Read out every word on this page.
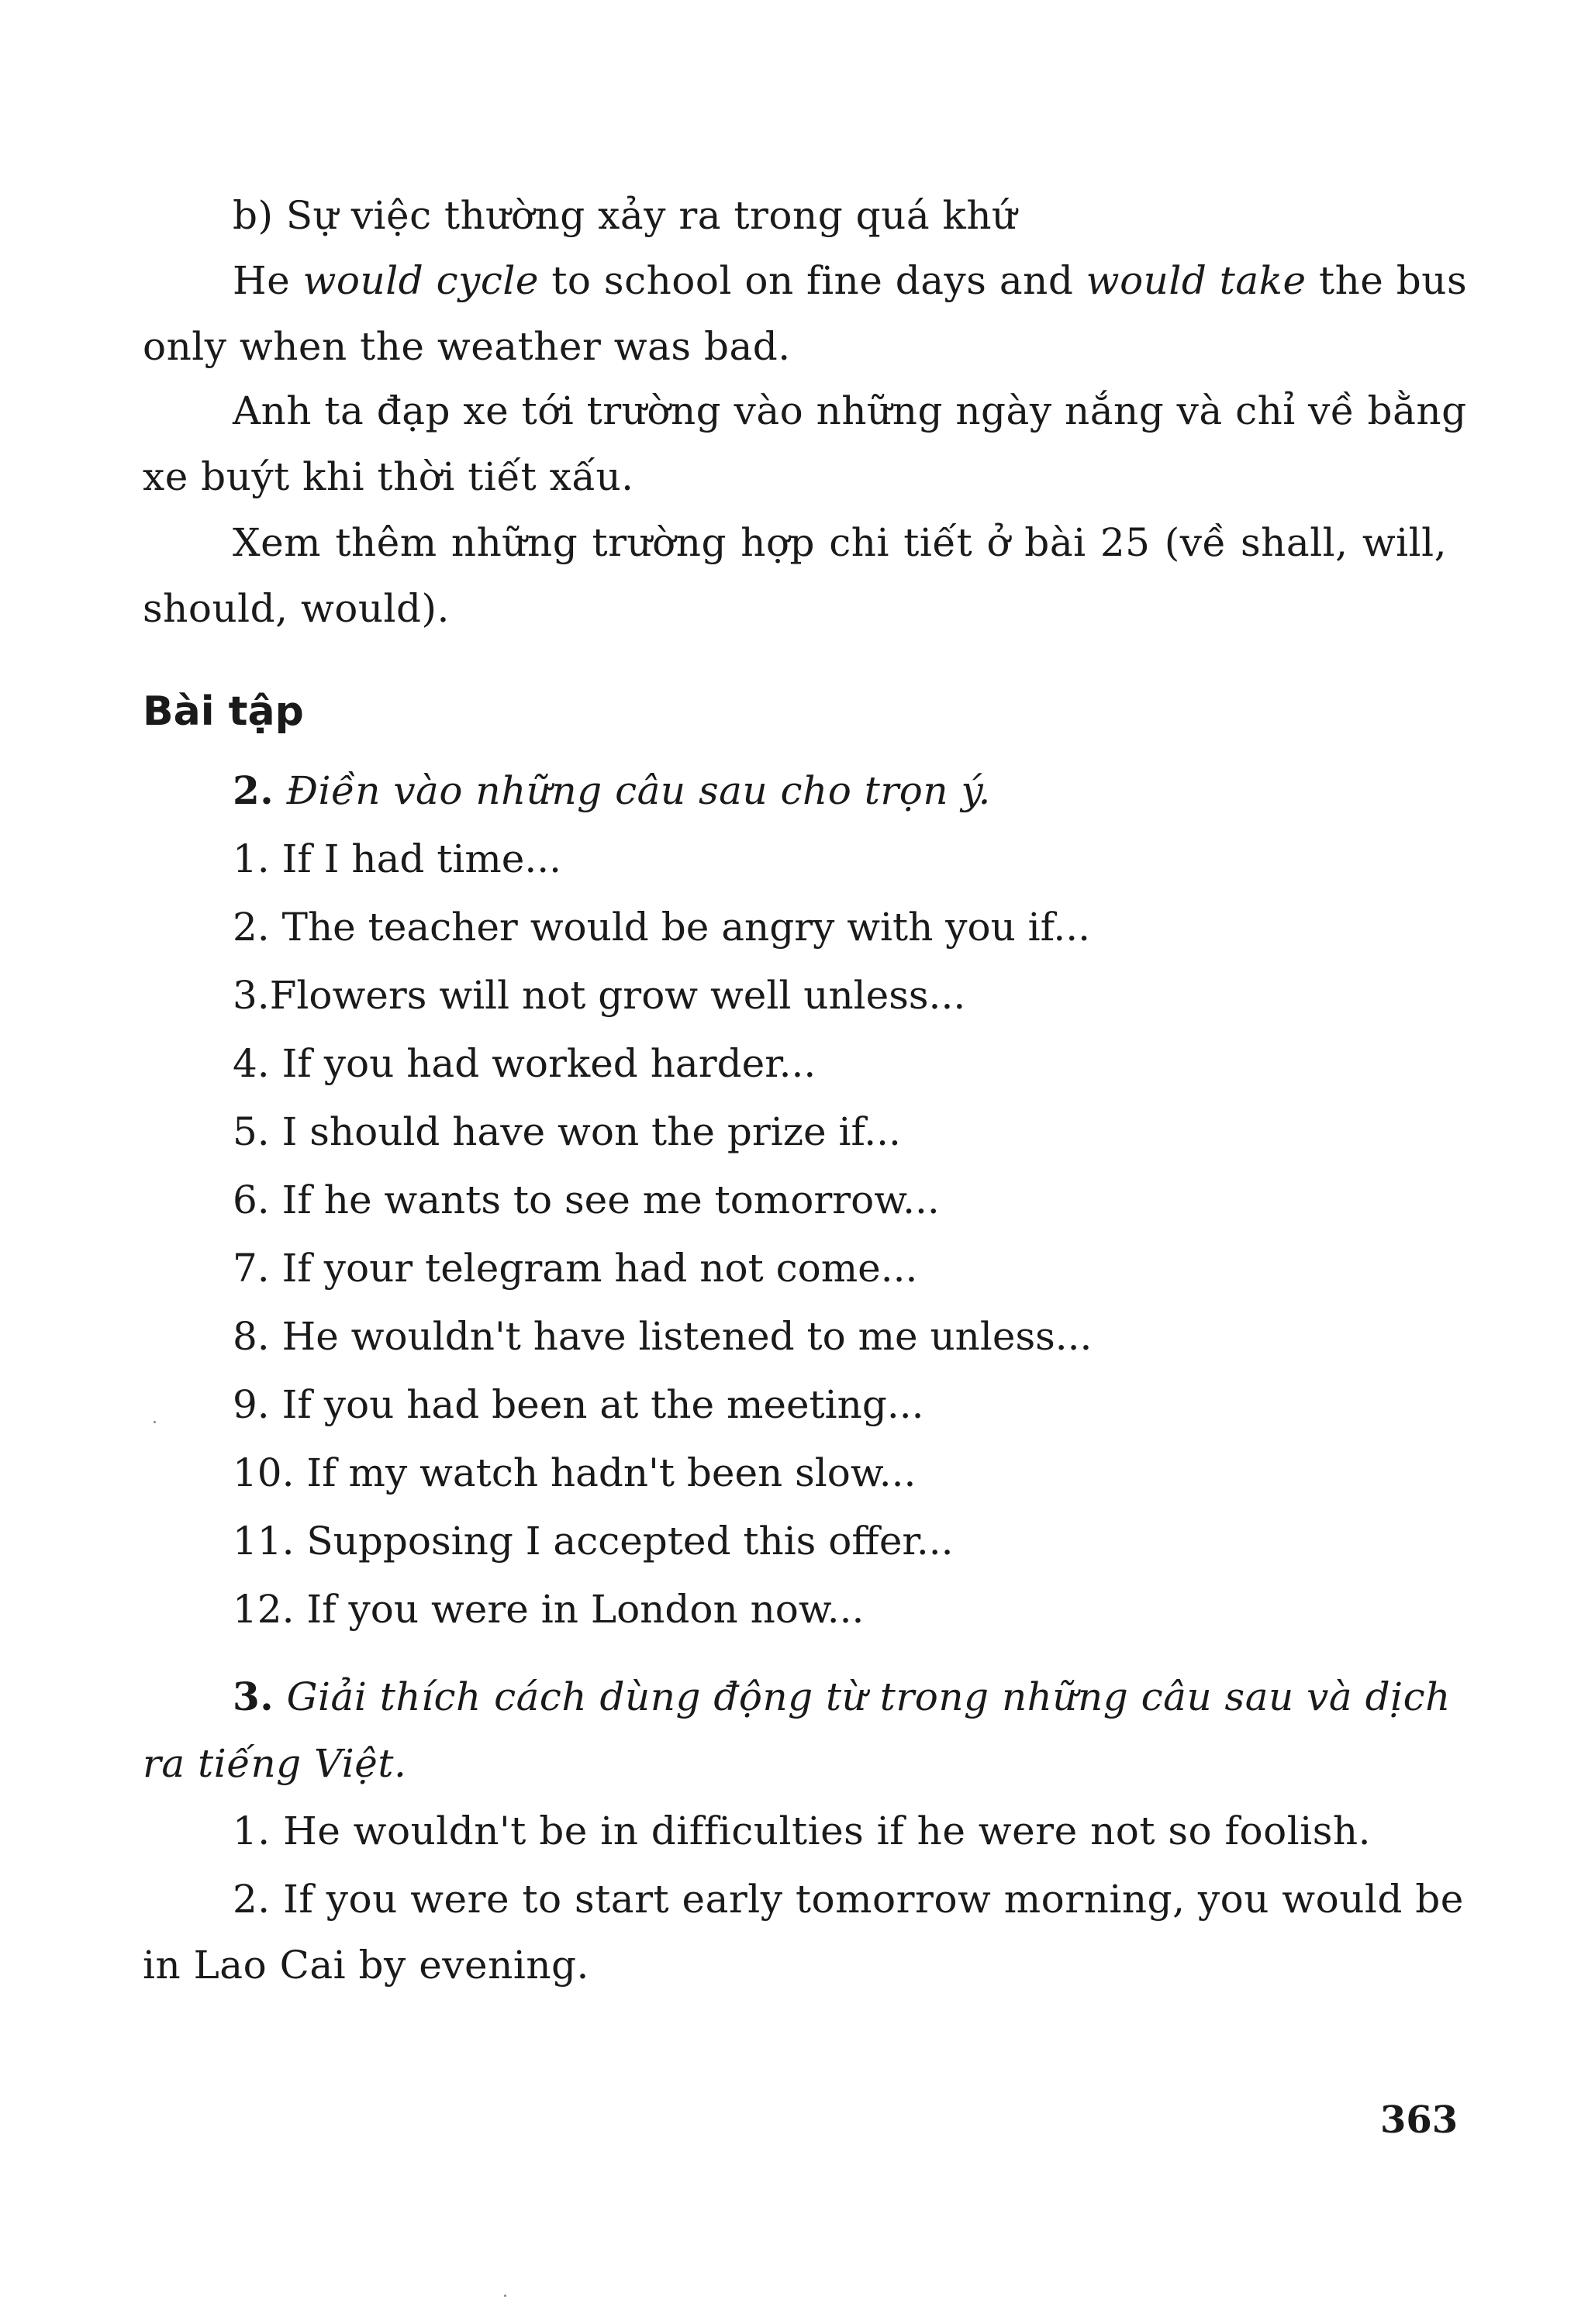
b) Sự việc thường xảy ra trong quá khứ
He would cycle to school on fine days and would take the bus
only when the weather was bad.
Anh ta đạp xe tới trường vào những ngày nắng và chỉ về bằng
xe buýt khi thời tiết xấu.
Xem thêm những trường hợp chi tiết ở bài 25 (về shall, will,
should, would).
Bài tập
2. Điền vào những câu sau cho trọn ý.
1. If I had time...
2. The teacher would be angry with you if...
3.Flowers will not grow well unless...
4. If you had worked harder...
5. I should have won the prize if...
6. If he wants to see me tomorrow...
7. If your telegram had not come...
8. He wouldn't have listened to me unless...
9. If you had been at the meeting...
10. If my watch hadn't been slow...
11. Supposing I accepted this offer...
12. If you were in London now...
3. Giải thích cách dùng động từ trong những câu sau và dịch
ra tiếng Việt.
1. He wouldn't be in difficulties if he were not so foolish.
2. If you were to start early tomorrow morning, you would be
in Lao Cai by evening.
363
